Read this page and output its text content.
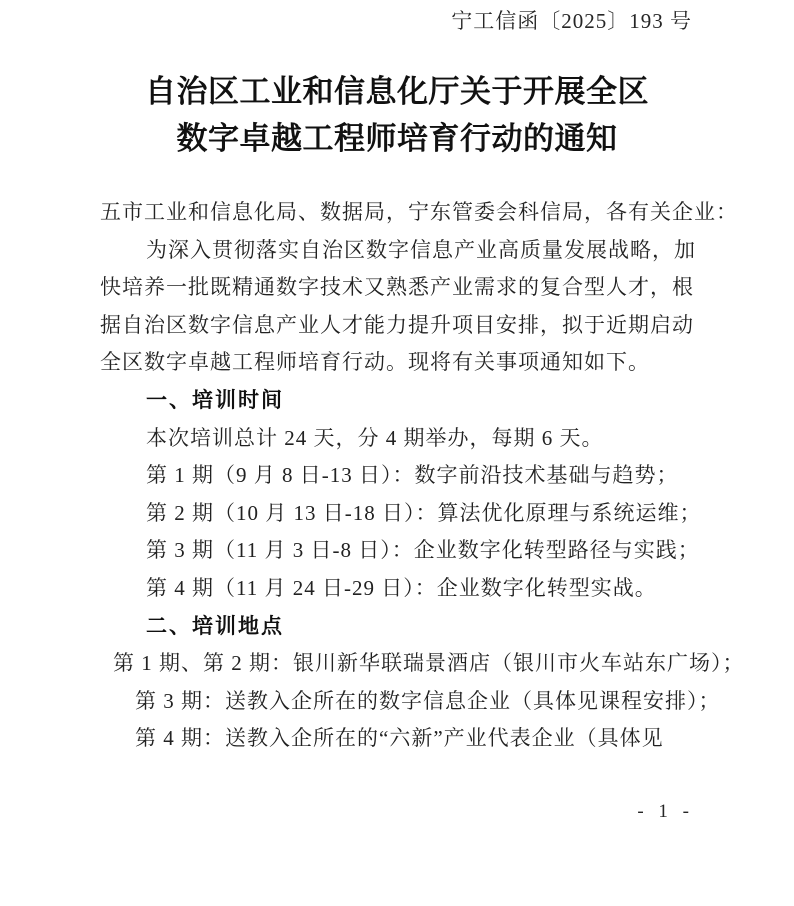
宁工信函〔2025〕193 号
自治区工业和信息化厅关于开展全区
数字卓越工程师培育行动的通知
五市工业和信息化局、数据局，宁东管委会科信局，各有关企业：
为深入贯彻落实自治区数字信息产业高质量发展战略，加
快培养一批既精通数字技术又熟悉产业需求的复合型人才，根
据自治区数字信息产业人才能力提升项目安排，拟于近期启动
全区数字卓越工程师培育行动。现将有关事项通知如下。
一、培训时间
本次培训总计 24 天，分 4 期举办，每期 6 天。
第 1 期（9 月 8 日-13 日）：数字前沿技术基础与趋势；
第 2 期（10 月 13 日-18 日）：算法优化原理与系统运维；
第 3 期（11 月 3 日-8 日）：企业数字化转型路径与实践；
第 4 期（11 月 24 日-29 日）：企业数字化转型实战。
二、培训地点
第 1 期、第 2 期：银川新华联瑞景酒店（银川市火车站东广场）；
第 3 期：送教入企所在的数字信息企业（具体见课程安排）；
第 4 期：送教入企所在的“六新”产业代表企业（具体见
- 1 -
